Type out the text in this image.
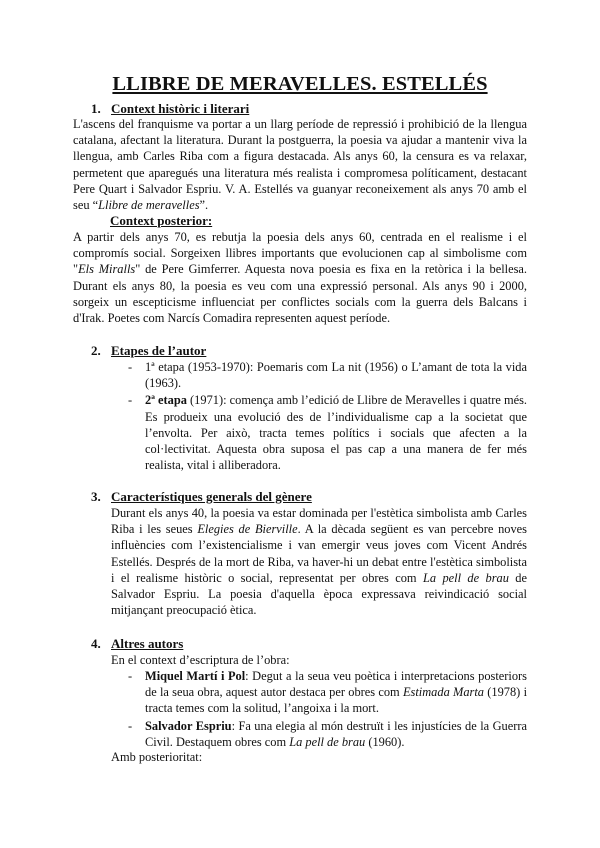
LLIBRE DE MERAVELLES. ESTELLÉS
1. Context històric i literari

L'ascens del franquisme va portar a un llarg període de repressió i prohibició de la llengua catalana, afectant la literatura. Durant la postguerra, la poesia va ajudar a mantenir viva la llengua, amb Carles Riba com a figura destacada. Als anys 60, la censura es va relaxar, permetent que aparegués una literatura més realista i compromesa políticament, destacant Pere Quart i Salvador Espriu. V. A. Estellés va guanyar reconeixement als anys 70 amb el seu “Llibre de meravelles”.

Context posterior:

A partir dels anys 70, es rebutja la poesia dels anys 60, centrada en el realisme i el compromís social. Sorgeixen llibres importants que evolucionen cap al simbolisme com "Els Miralls" de Pere Gimferrer. Aquesta nova poesia es fixa en la retòrica i la bellesa. Durant els anys 80, la poesia es veu com una expressió personal. Als anys 90 i 2000, sorgeix un escepticisme influenciat per conflictes socials com la guerra dels Balcans i d'Irak. Poetes com Narcís Comadira representen aquest període.

2. Etapes de l’autor
- 1ª etapa (1953-1970): Poemaris com La nit (1956) o L’amant de tota la vida (1963).
- 2ª etapa (1971): comença amb l’edició de Llibre de Meravelles i quatre més. Es produeix una evolució des de l’individualisme cap a la societat que l’envolta. Per això, tracta temes polítics i socials que afecten a la col·lectivitat. Aquesta obra suposa el pas cap a una manera de fer més realista, vital i alliberadora.
3. Característiques generals del gènere

Durant els anys 40, la poesia va estar dominada per l'estètica simbolista amb Carles Riba i les seues Elegies de Bierville. A la dècada següent es van percebre noves influències com l’existencialisme i van emergir veus joves com Vicent Andrés Estellés. Després de la mort de Riba, va haver-hi un debat entre l'estètica simbolista i el realisme històric o social, representat per obres com La pell de brau de Salvador Espriu. La poesia d'aquella època expressava reivindicació social mitjançant preocupació ètica.

4. Altres autors

En el context d’escriptura de l’obra:

- Miquel Martí i Pol: Degut a la seua veu poètica i interpretacions posteriors de la seua obra, aquest autor destaca per obres com Estimada Marta (1978) i tracta temes com la solitud, l’angoixa i la mort.
- Salvador Espriu: Fa una elegia al món destruït i les injustícies de la Guerra Civil. Destaquem obres com La pell de brau (1960).

Amb posterioritat:
